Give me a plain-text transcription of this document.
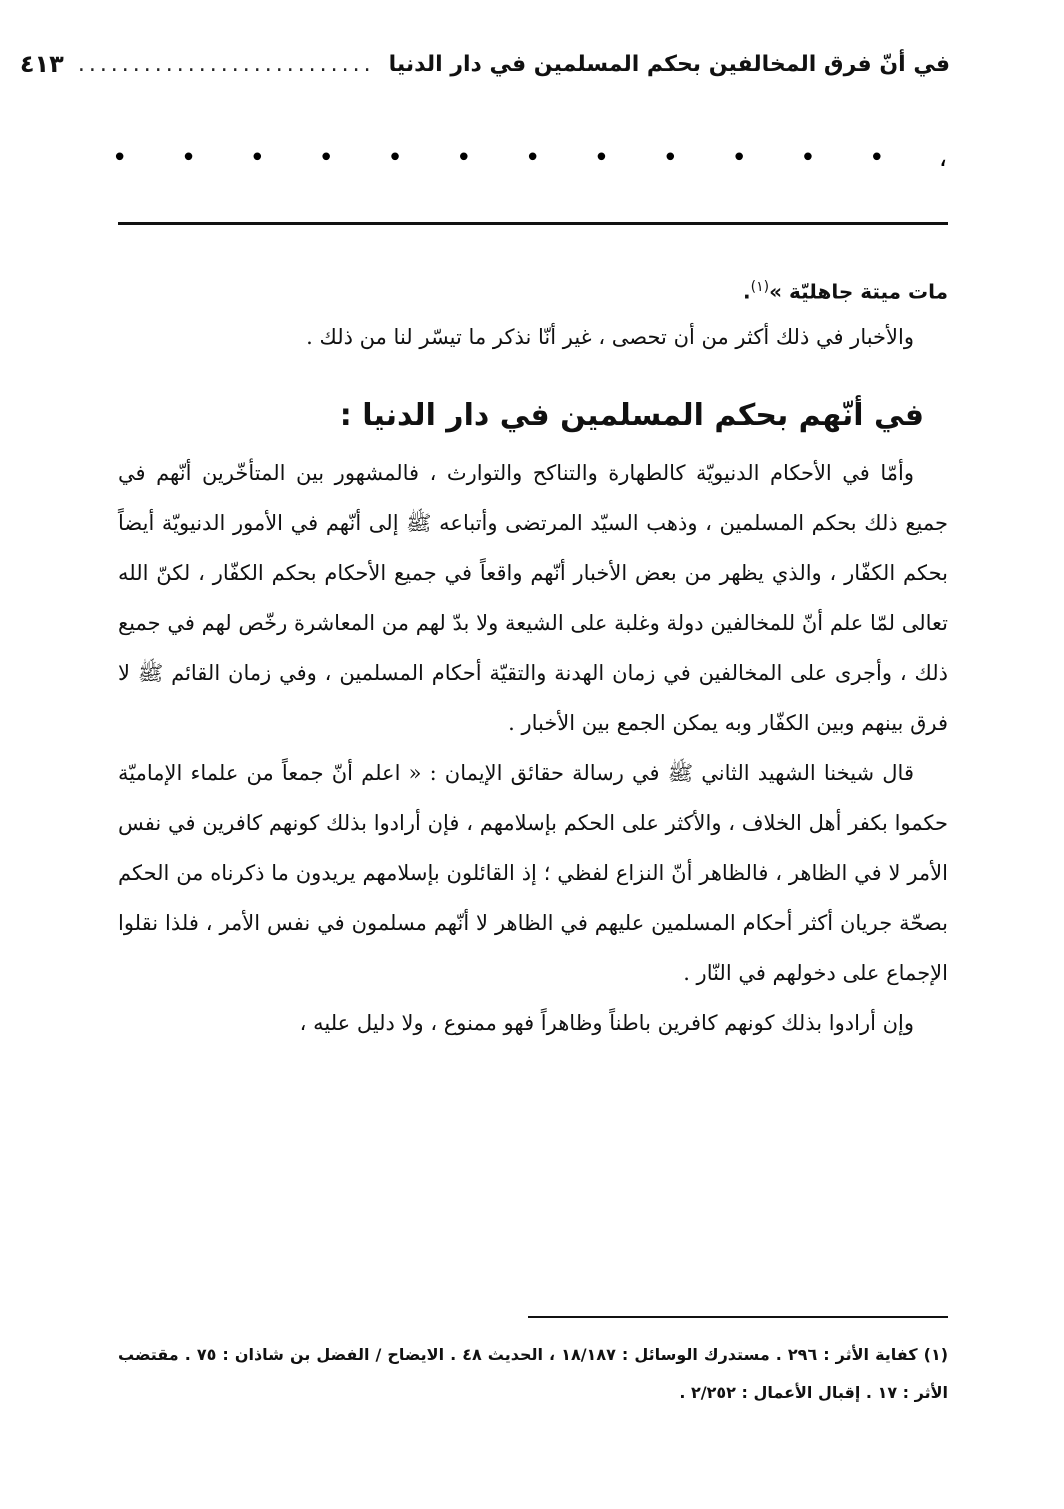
في أنّ فرق المخالفين بحكم المسلمين في دار الدنيا
...........................
٤١٣
• • • • • • • • • • • • ،

مات ميتة جاهليّة »$^{(١)}$.

والأخبار في ذلك أكثر من أن تحصى ، غير أنّا نذكر ما تيسّر لنا من ذلك .

في أنّهم بحكم المسلمين في دار الدنيا :

وأمّا في الأحكام الدنيويّة كالطهارة والتناكح والتوارث ، فالمشهور بين المتأخّرين أنّهم في جميع ذلك بحكم المسلمين ، وذهب السيّد المرتضى وأتباعه ﷺ إلى أنّهم في الأمور الدنيويّة أيضاً بحكم الكفّار ، والذي يظهر من بعض الأخبار أنّهم واقعاً في جميع الأحكام بحكم الكفّار ، لكنّ الله تعالى لمّا علم أنّ للمخالفين دولة وغلبة على الشيعة ولا بدّ لهم من المعاشرة رخّص لهم في جميع ذلك ، وأجرى على المخالفين في زمان الهدنة والتقيّة أحكام المسلمين ، وفي زمان القائم ﷺ لا فرق بينهم وبين الكفّار وبه يمكن الجمع بين الأخبار .

قال شيخنا الشهيد الثاني ﷺ في رسالة حقائق الإيمان : « اعلم أنّ جمعاً من علماء الإماميّة حكموا بكفر أهل الخلاف ، والأكثر على الحكم بإسلامهم ، فإن أرادوا بذلك كونهم كافرين في نفس الأمر لا في الظاهر ، فالظاهر أنّ النزاع لفظي ؛ إذ القائلون بإسلامهم يريدون ما ذكرناه من الحكم بصحّة جريان أكثر أحكام المسلمين عليهم في الظاهر لا أنّهم مسلمون في نفس الأمر ، فلذا نقلوا الإجماع على دخولهم في النّار .

وإن أرادوا بذلك كونهم كافرين باطناً وظاهراً فهو ممنوع ، ولا دليل عليه ،

(١) كفاية الأثر : ٢٩٦ . مستدرك الوسائل : ١٨/١٨٧ ، الحديث ٤٨ . الايضاح / الفضل بن شاذان : ٧٥ . مقتضب الأثر : ١٧ . إقبال الأعمال : ٢/٢٥٢ .
